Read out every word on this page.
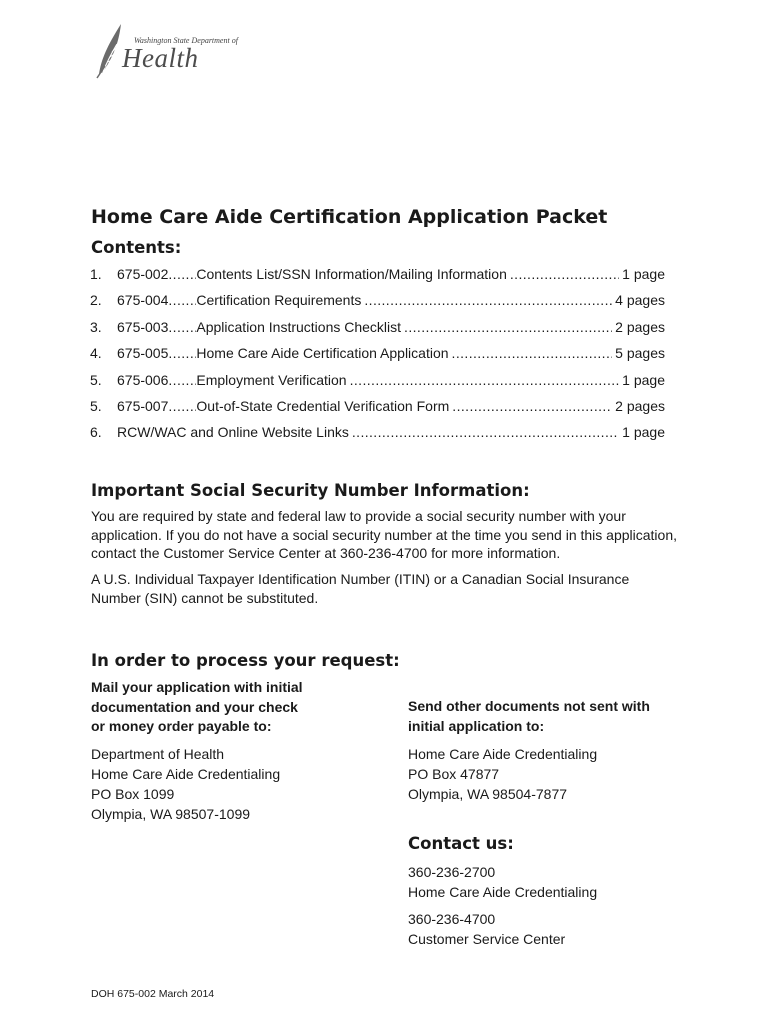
Washington State Department of
Health
Home Care Aide Certification Application Packet
Contents:
1.	675-002 ..... Contents List/SSN Information/Mailing Information .....	1 page
2.	675-004 ..... Certification Requirements .....	4 pages
3.	675-003 ..... Application Instructions Checklist .....	2 pages
4.	675-005 ..... Home Care Aide Certification Application .....	5 pages
5.	675-006 ..... Employment Verification .....	1 page
5.	675-007 ..... Out-of-State Credential Verification Form .....	2 pages
6.	RCW/WAC and Online Website Links .....	1 page
Important Social Security Number Information:

You are required by state and federal law to provide a social security number with your application. If you do not have a social security number at the time you send in this application, contact the Customer Service Center at 360-236-4700 for more information.

A U.S. Individual Taxpayer Identification Number (ITIN) or a Canadian Social Insurance Number (SIN) cannot be substituted.

In order to process your request:
Mail your application with initial
documentation and your check
or money order payable to:
Department of Health
Home Care Aide Credentialing
PO Box 1099
Olympia, WA 98507-1099
Send other documents not sent with
initial application to:
Home Care Aide Credentialing
PO Box 47877
Olympia, WA 98504-7877
Contact us:
360-236-2700
Home Care Aide Credentialing
360-236-4700
Customer Service Center

DOH 675-002 March 2014
